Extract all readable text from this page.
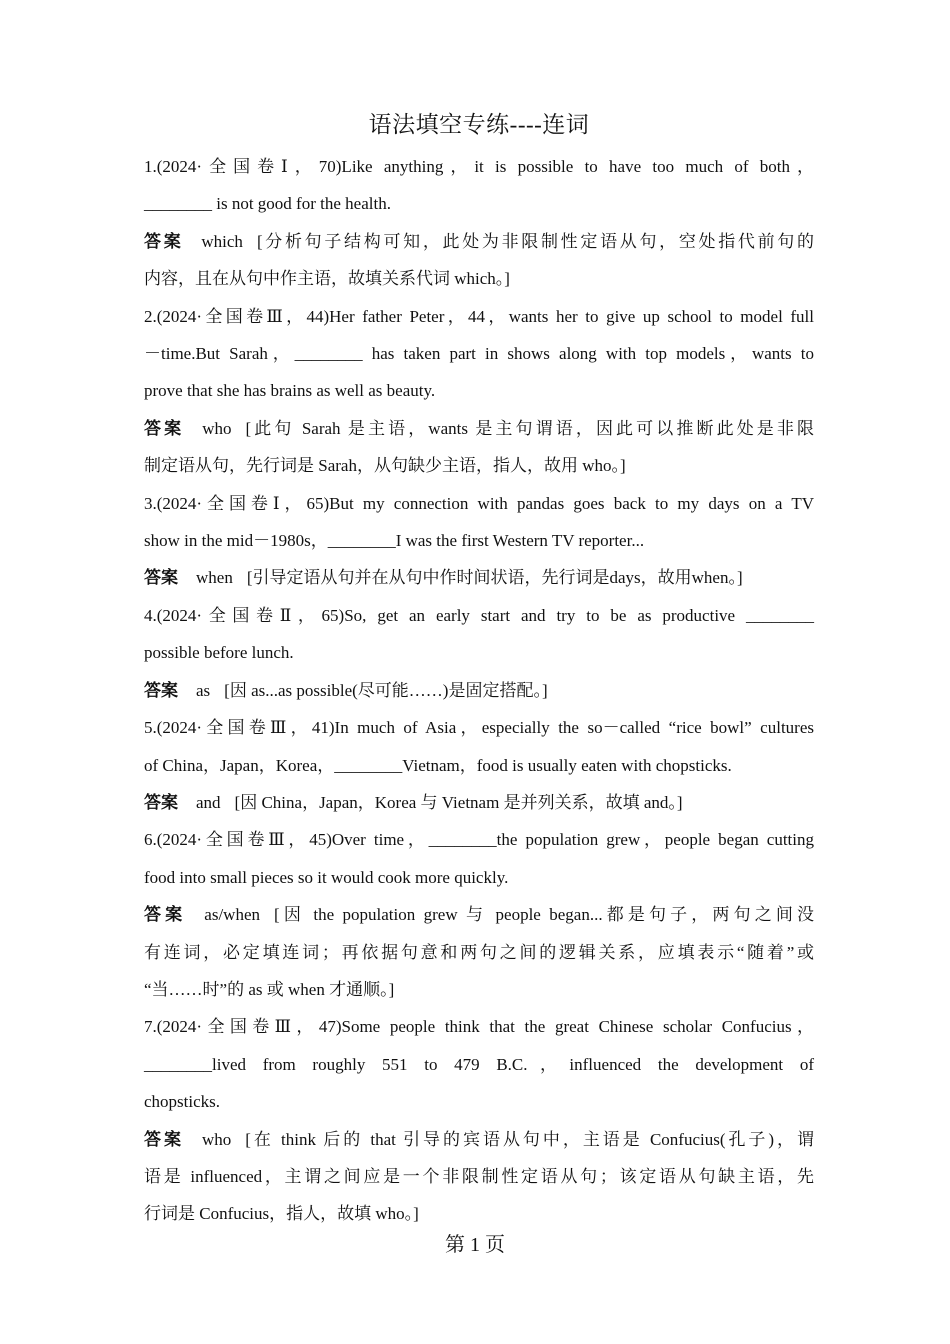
语法填空专练----连词
1.(2024·全国卷Ⅰ，70)Like anything，it is possible to have too much of both，
________ is not good for the health.
答案 which [分析句子结构可知，此处为非限制性定语从句，空处指代前句的
内容，且在从句中作主语，故填关系代词 which。]
2.(2024·全国卷Ⅲ，44)Her father Peter，44，wants her to give up school to model full
－time.But Sarah，________ has taken part in shows along with top models，wants to
prove that she has brains as well as beauty.
答案 who [此句 Sarah 是主语，wants 是主句谓语，因此可以推断此处是非限
制定语从句，先行词是 Sarah，从句缺少主语，指人，故用 who。]
3.(2024·全国卷Ⅰ，65)But my connection with pandas goes back to my days on a TV
show in the mid－1980s，________I was the first Western TV reporter...
答案 when [引导定语从句并在从句中作时间状语，先行词是days，故用when。]
4.(2024·全国卷Ⅱ，65)So, get an early start and try to be as productive ________
possible before lunch.
答案 as [因 as...as possible(尽可能……)是固定搭配。]
5.(2024·全国卷Ⅲ，41)In much of Asia，especially the so－called “rice bowl” cultures
of China，Japan，Korea，________Vietnam，food is usually eaten with chopsticks.
答案 and [因 China，Japan，Korea 与 Vietnam 是并列关系，故填 and。]
6.(2024·全国卷Ⅲ，45)Over time，________the population grew，people began cutting
food into small pieces so it would cook more quickly.
答案 as/when [因 the population grew 与 people began...都是句子，两句之间没
有连词，必定填连词；再依据句意和两句之间的逻辑关系，应填表示“随着”或
“当……时”的 as 或 when 才通顺。]
7.(2024·全国卷Ⅲ，47)Some people think that the great Chinese scholar Confucius，
________lived from roughly 551 to 479 B.C.，influenced the development of
chopsticks.
答案 who [在 think 后的 that 引导的宾语从句中，主语是 Confucius(孔子)，谓
语是 influenced，主谓之间应是一个非限制性定语从句；该定语从句缺主语，先
行词是 Confucius，指人，故填 who。]
第 1 页
